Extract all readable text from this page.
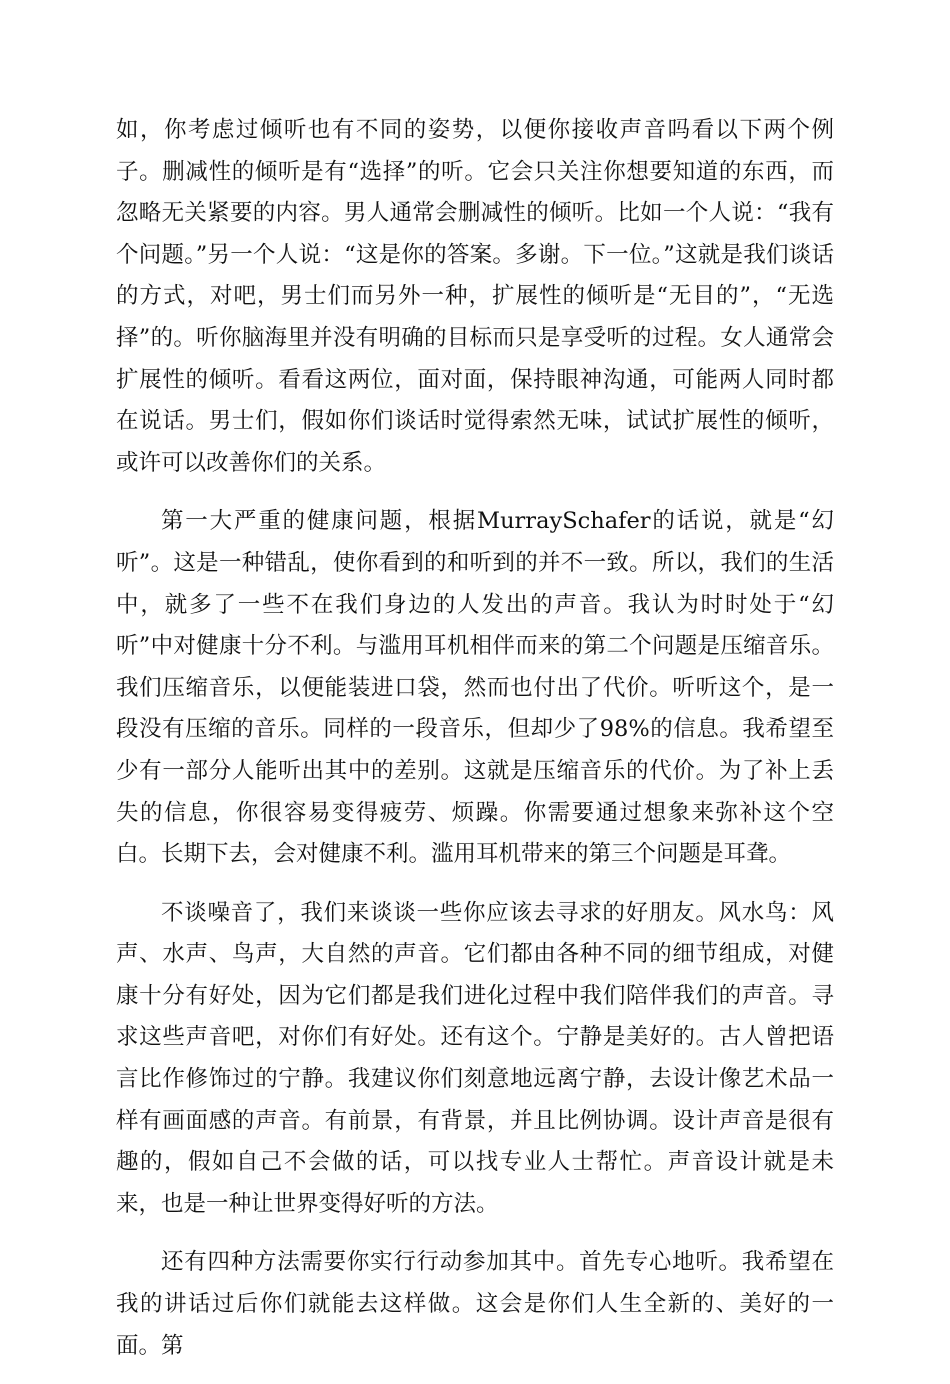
如，你考虑过倾听也有不同的姿势，以便你接收声音吗看以下两个例子。删减性的倾听是有“选择”的听。它会只关注你想要知道的东西，而忽略无关紧要的内容。男人通常会删减性的倾听。比如一个人说：“我有个问题。”另一个人说：“这是你的答案。多谢。下一位。”这就是我们谈话的方式，对吧，男士们而另外一种，扩展性的倾听是“无目的”，“无选择”的。听你脑海里并没有明确的目标而只是享受听的过程。女人通常会扩展性的倾听。看看这两位，面对面，保持眼神沟通，可能两人同时都在说话。男士们，假如你们谈话时觉得索然无味，试试扩展性的倾听，或许可以改善你们的关系。

第一大严重的健康问题，根据MurraySchafer的话说，就是“幻听”。这是一种错乱，使你看到的和听到的并不一致。所以，我们的生活中，就多了一些不在我们身边的人发出的声音。我认为时时处于“幻听”中对健康十分不利。与滥用耳机相伴而来的第二个问题是压缩音乐。我们压缩音乐，以便能装进口袋，然而也付出了代价。听听这个，是一段没有压缩的音乐。同样的一段音乐，但却少了98%的信息。我希望至少有一部分人能听出其中的差别。这就是压缩音乐的代价。为了补上丢失的信息，你很容易变得疲劳、烦躁。你需要通过想象来弥补这个空白。长期下去，会对健康不利。滥用耳机带来的第三个问题是耳聋。

不谈噪音了，我们来谈谈一些你应该去寻求的好朋友。风水鸟：风声、水声、鸟声，大自然的声音。它们都由各种不同的细节组成，对健康十分有好处，因为它们都是我们进化过程中我们陪伴我们的声音。寻求这些声音吧，对你们有好处。还有这个。宁静是美好的。古人曾把语言比作修饰过的宁静。我建议你们刻意地远离宁静，去设计像艺术品一样有画面感的声音。有前景，有背景，并且比例协调。设计声音是很有趣的，假如自己不会做的话，可以找专业人士帮忙。声音设计就是未来，也是一种让世界变得好听的方法。

还有四种方法需要你实行行动参加其中。首先专心地听。我希望在我的讲话过后你们就能去这样做。这会是你们人生全新的、美好的一面。第
